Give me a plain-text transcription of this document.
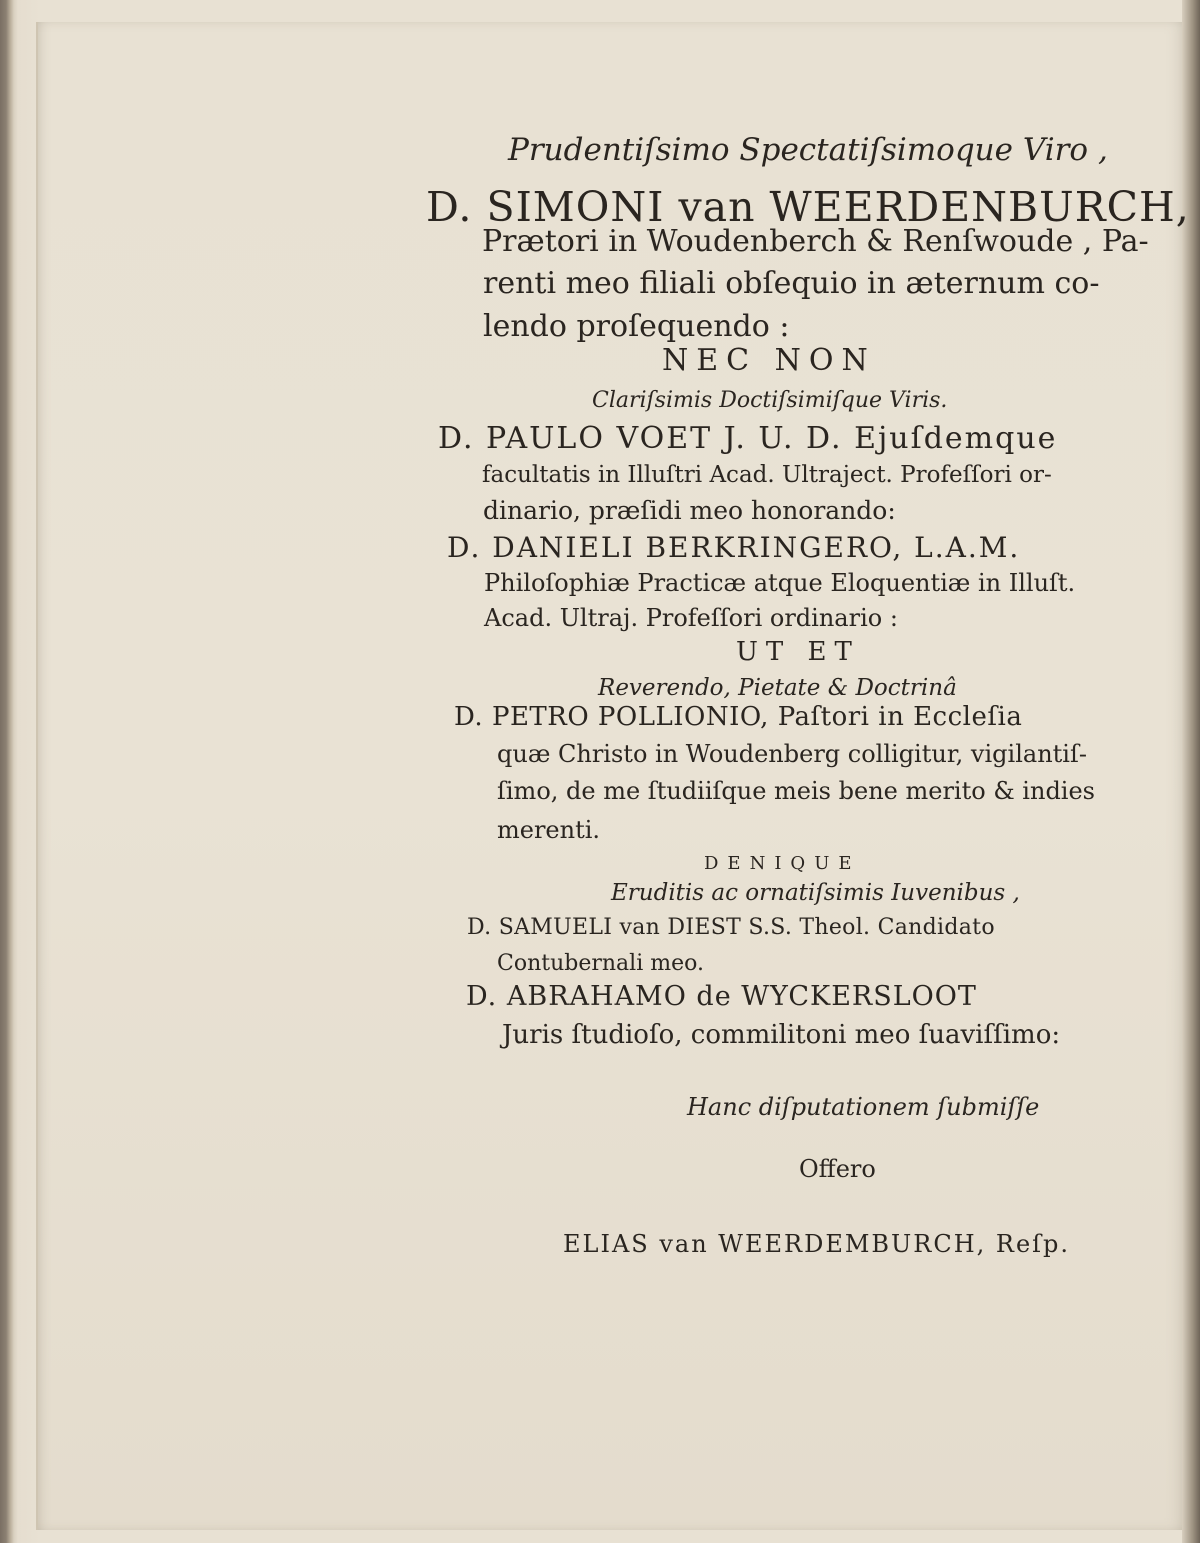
Prudentiſsimo Spectatiſsimoque Viro ,
D. SIMONI van WEERDENBURCH,
Prætori in Woudenberch & Renſwoude , Pa-
renti meo filiali obſequio in æternum co-
lendo proſequendo :
NEC NON
Clariſsimis Doctiſsimiſque Viris.
D. PAULO VOET J. U. D. Ejuſdemque
facultatis in Illuſtri Acad. Ultraject. Profeſſori or-
dinario, præſidi meo honorando:
D. DANIELI BERKRINGERO, L.A.M.
Philoſophiæ Practicæ atque Eloquentiæ in Illuſt.
Acad. Ultraj. Profeſſori ordinario :
UT ET
Reverendo, Pietate & Doctrinâ
D. PETRO POLLIONIO, Paſtori in Eccleſia
quæ Christo in Woudenberg colligitur, vigilantiſ-
ſimo, de me ſtudiiſque meis bene merito & indies
merenti.
DENIQUE
Eruditis ac ornatiſsimis Iuvenibus ,
D. SAMUELI van DIEST S.S. Theol. Candidato
Contubernali meo.
D. ABRAHAMO de WYCKERSLOOT
Juris ſtudioſo, commilitoni meo ſuaviſſimo:
Hanc diſputationem ſubmiſſe
Offero
ELIAS van WEERDEMBURCH, Reſp.
